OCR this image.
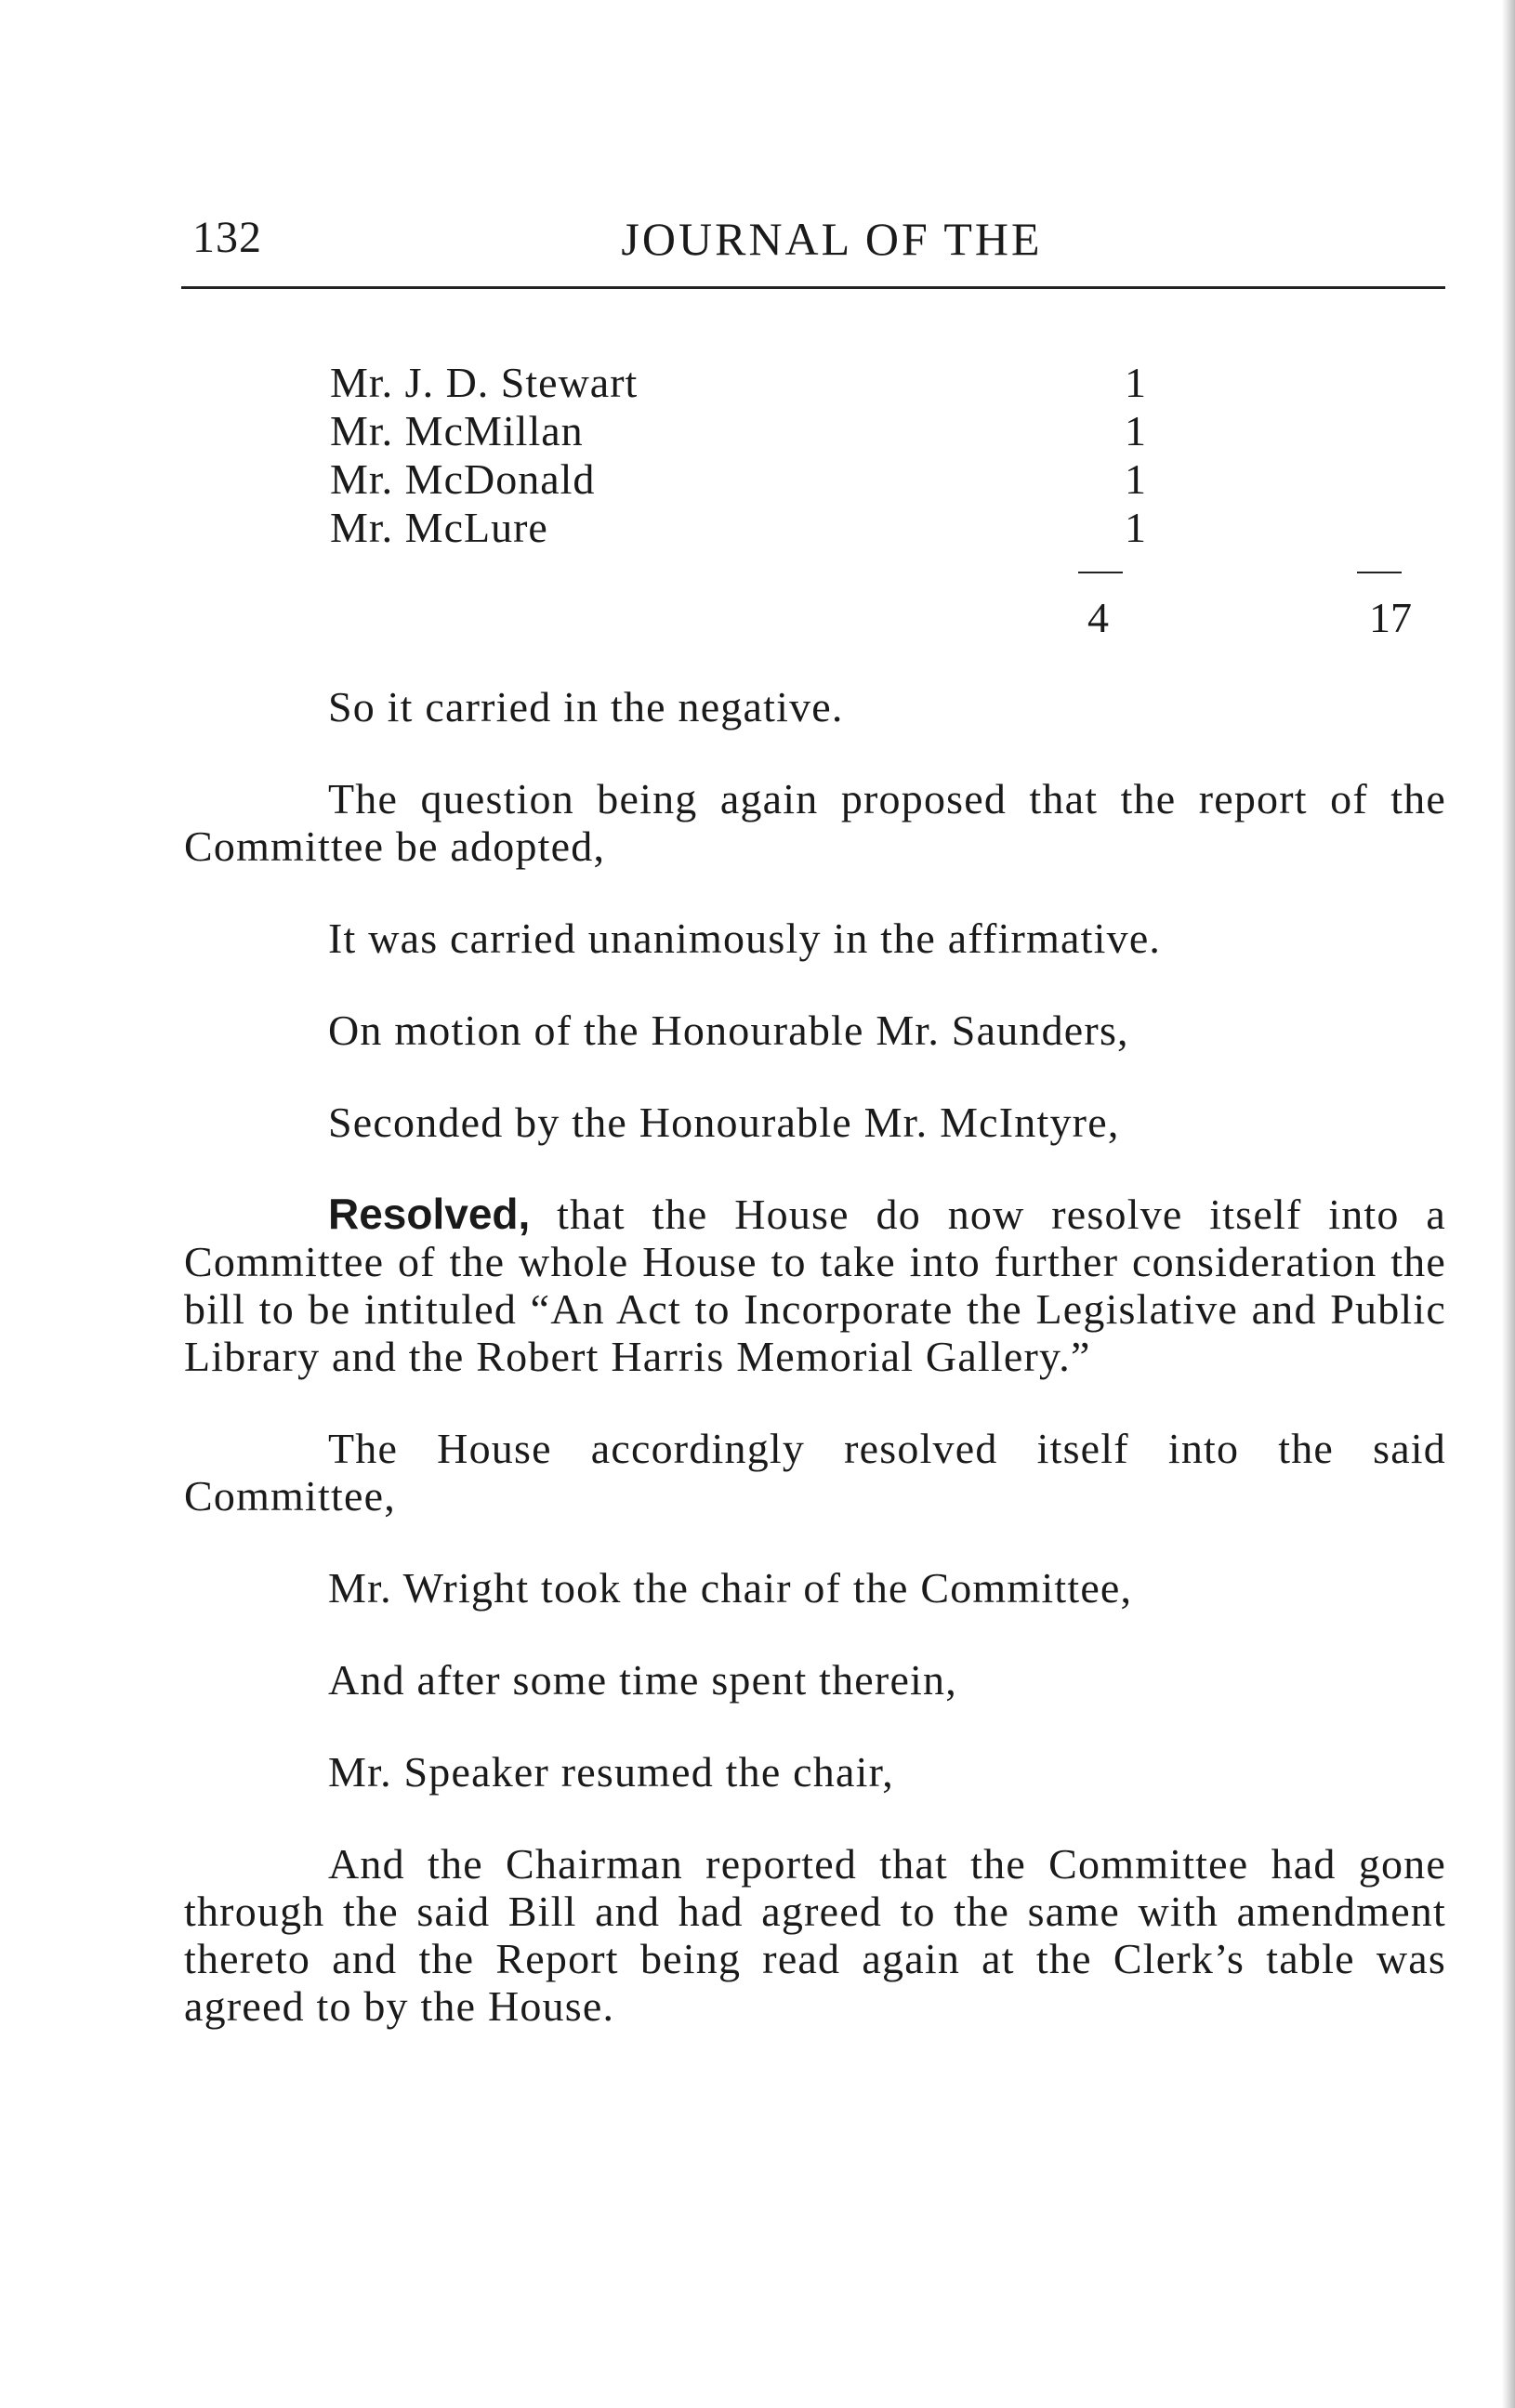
132	JOURNAL OF THE
Mr. J. D. Stewart	1
Mr. McMillan	1
Mr. McDonald	1
Mr. McLure	1
4	17

So it carried in the negative.

The question being again proposed that the report of the Committee be adopted,

It was carried unanimously in the affirmative.

On motion of the Honourable Mr. Saunders,

Seconded by the Honourable Mr. McIntyre,

Resolved, that the House do now resolve itself into a Committee of the whole House to take into further consideration the bill to be intituled “An Act to Incorporate the Legislative and Public Library and the Robert Harris Memorial Gallery.”

The House accordingly resolved itself into the said Committee,

Mr. Wright took the chair of the Committee,

And after some time spent therein,

Mr. Speaker resumed the chair,

And the Chairman reported that the Committee had gone through the said Bill and had agreed to the same with amendment thereto and the Report being read again at the Clerk’s table was agreed to by the House.
